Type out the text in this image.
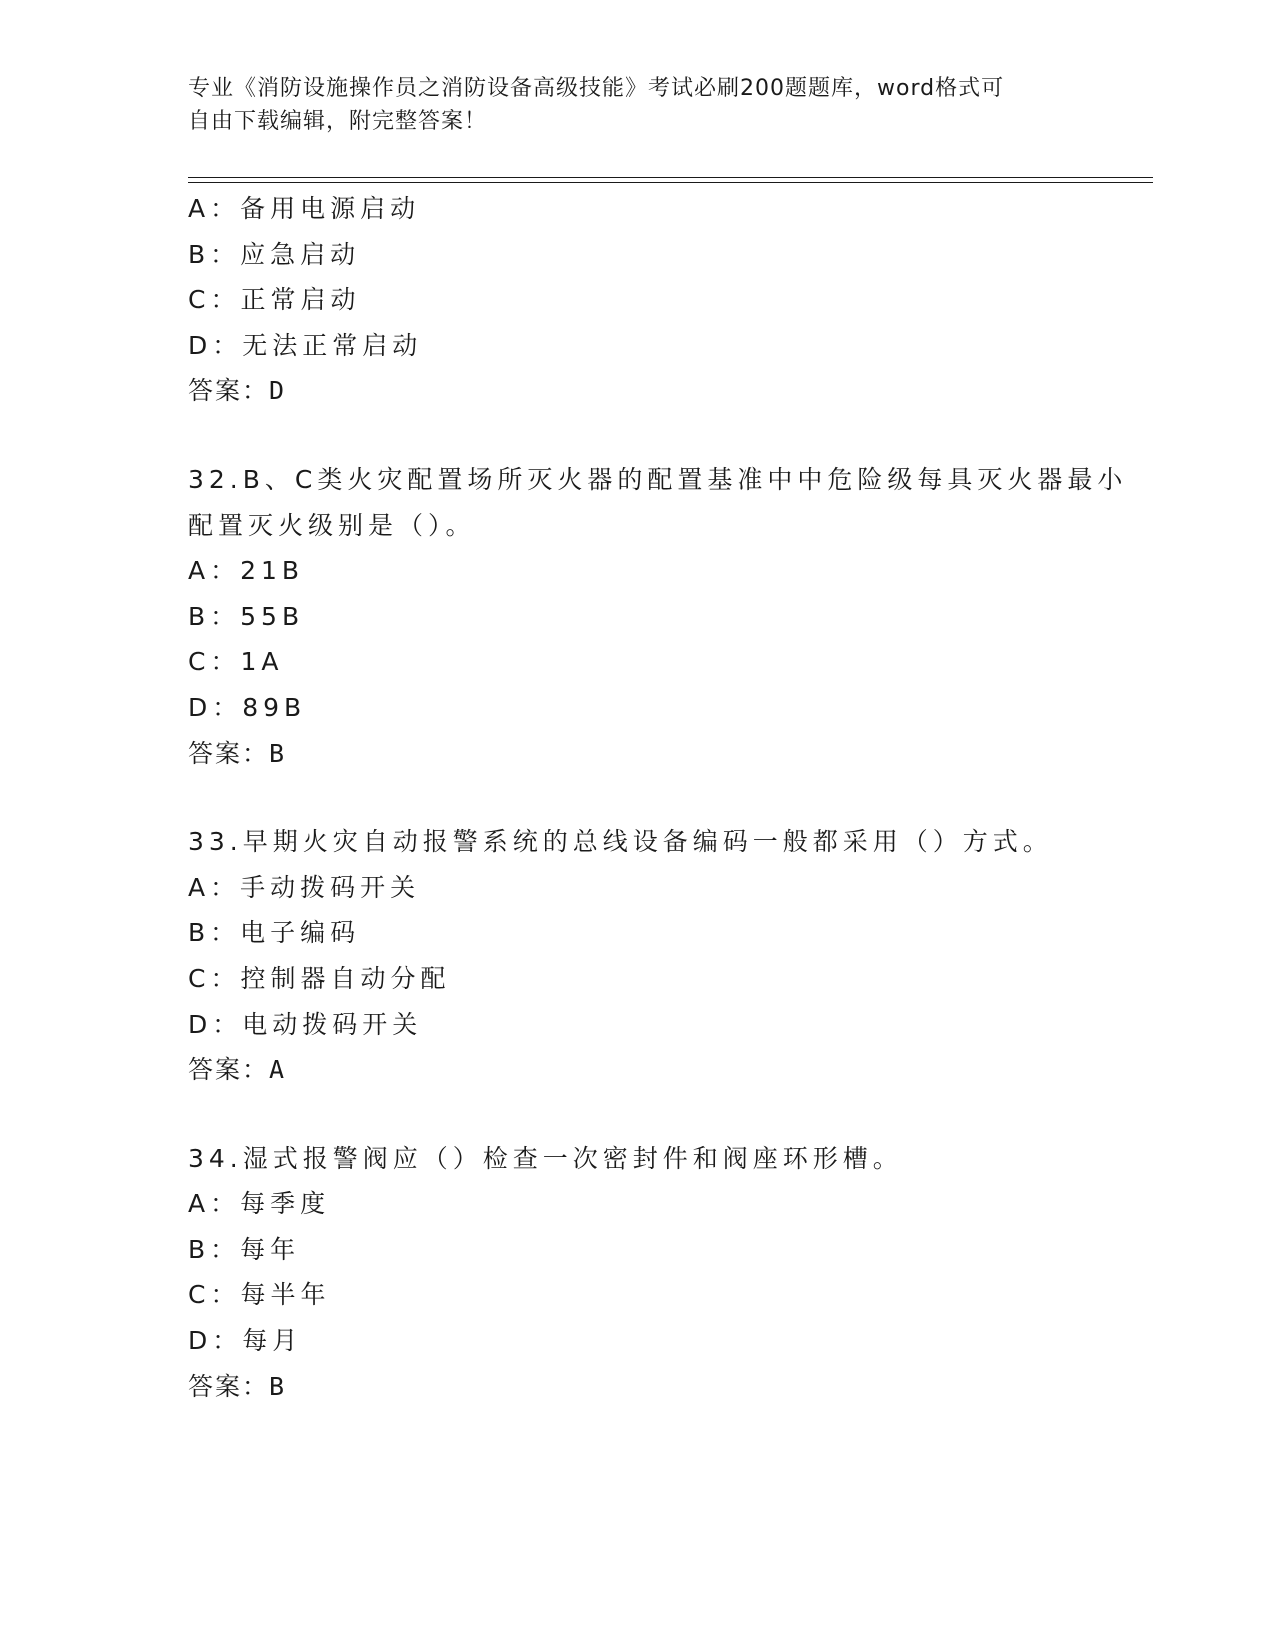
专业《消防设施操作员之消防设备高级技能》考试必刷200题题库，word格式可
自由下载编辑，附完整答案！
A：备用电源启动
B：应急启动
C：正常启动
D：无法正常启动
答案：D
32.B、C类火灾配置场所灭火器的配置基准中中危险级每具灭火器最小
配置灭火级别是（）。
A：21B
B：55B
C：1A
D：89B
答案：B
33.早期火灾自动报警系统的总线设备编码一般都采用（）方式。
A：手动拨码开关
B：电子编码
C：控制器自动分配
D：电动拨码开关
答案：A
34.湿式报警阀应（）检查一次密封件和阀座环形槽。
A：每季度
B：每年
C：每半年
D：每月
答案：B
